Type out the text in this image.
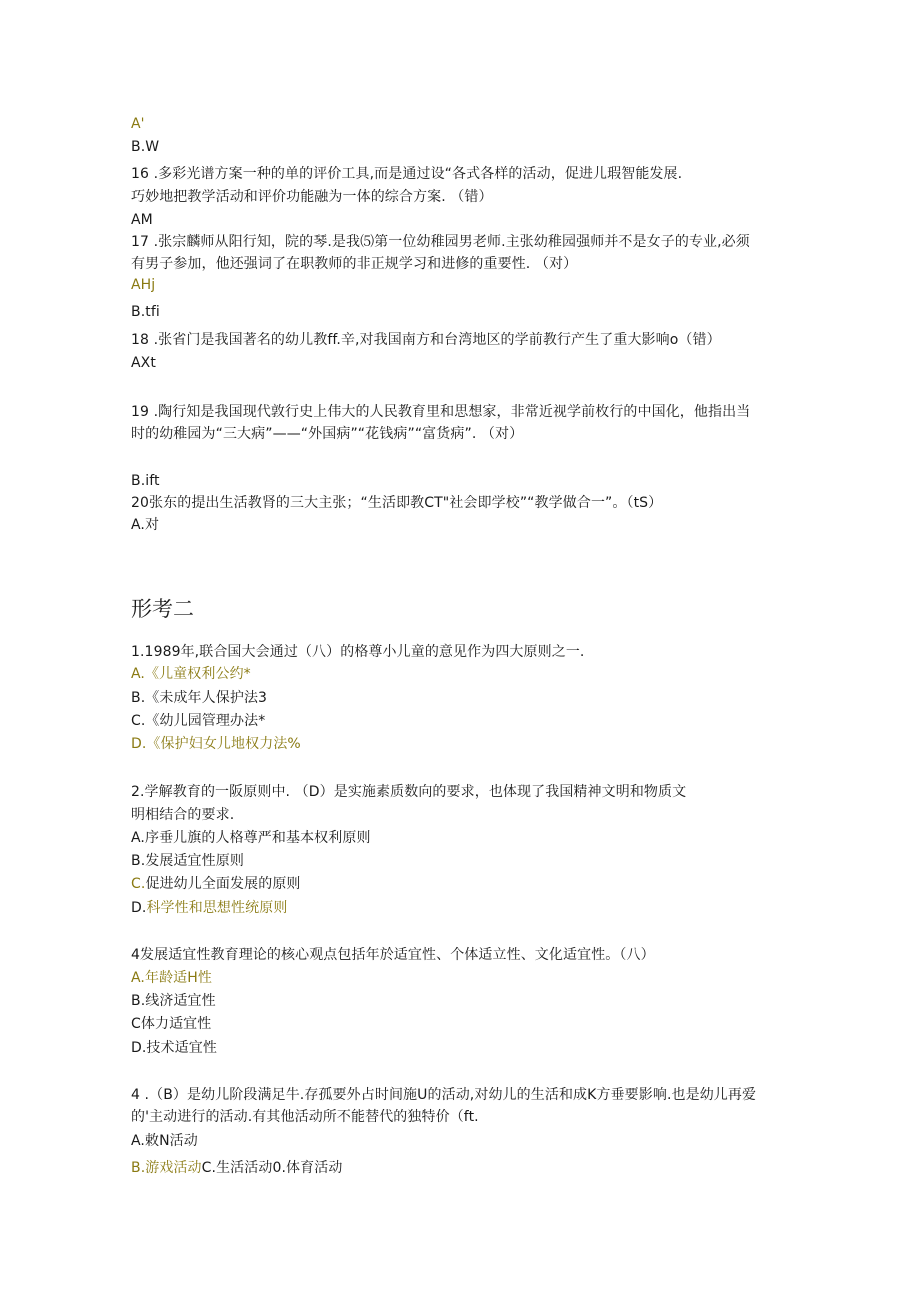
A'
B.W
16 .多彩光谱方案一种的单的评价工具,而是通过设“各式各样的活动，促进儿瑕智能发展.
巧妙地把教学活动和评价功能融为一体的综合方案. （错）
AM
17 .张宗麟师从阳行知，院的琴.是我⑸第一位幼稚园男老师.主张幼稚园强师并不是女子的专业,必须
有男子参加，他还强词了在职教师的非正规学习和进修的重要性. （对）
AHj
B.tfi
18 .张省门是我国著名的幼儿教ff.辛,对我国南方和台湾地区的学前教行产生了重大影响o（错）
AXt
19 .陶行知是我国现代敦行史上伟大的人民教育里和思想家，非常近视学前枚行的中国化，他指出当
时的幼稚园为“三大病”——“外国病”“花钱病”“富货病”. （对）
B.ift
20张东的提出生活教肾的三大主张；“生活即教CT"社会即学校”“教学做合一”。（tS）
A.对
形考二
1.1989年,联合国大会通过（八）的格尊小儿童的意见作为四大原则之一.
A.《儿童权利公约*
B.《未成年人保护法3
C.《幼儿园管理办法*
D.《保护妇女儿地权力法%
2.学解教育的一阪原则中. （D）是实施素质数向的要求，也体现了我国精神文明和物质文
明相结合的要求.
A.序垂儿旗的人格尊严和基本权利原则
B.发展适宜性原则
C.促进幼儿全面发展的原则
D.科学性和思想性统原则
4发展适宜性教育理论的核心观点包括年於适宜性、个体适立性、文化适宜性。（八）
A.年龄适H性
B.线济适宜性
C体力适宜性
D.技术适宜性
4 .（B）是幼儿阶段满足牛.存孤要外占时间施U的活动,对幼儿的生活和成K方垂要影响.也是幼儿再爱
的'主动进行的活动.有其他活动所不能替代的独特价（ft.
A.敕N活动
B.游戏活动C.生活活动0.体育活动
